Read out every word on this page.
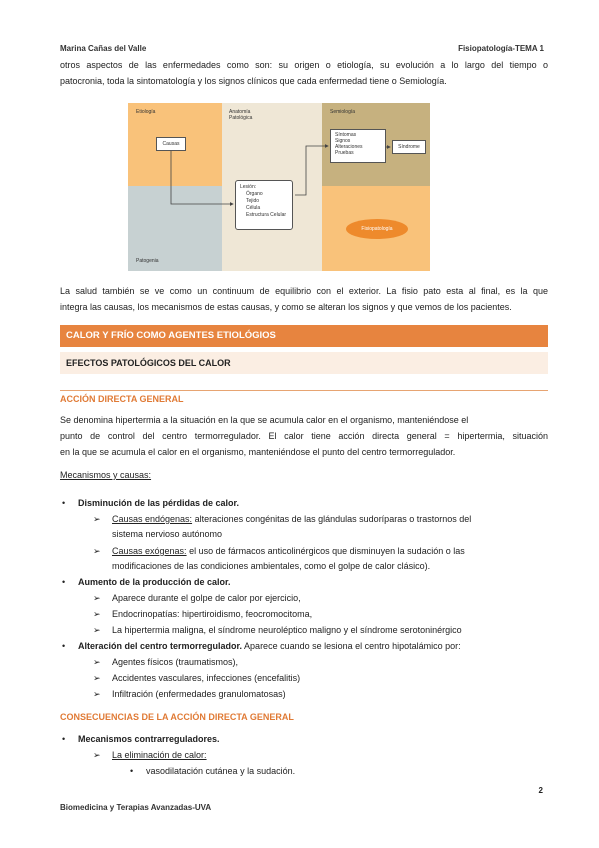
Marina Cañas del Valle	Fisiopatología-TEMA 1
otros aspectos de las enfermedades como son: su origen o etiología, su evolución a lo largo del tiempo o
patocronia, toda la sintomatología y los signos clínicos que cada enfermedad tiene o Semiología.
Etiología	Anatomía Patológica
Semiología
Patogenia
Causas
Síntomas
Signos
Alteraciones
Pruebas
Síndrome
Lesión:
Órgano
Tejido
Célula
Estructura Celular
Fisiopatología
La salud también se ve como un continuum de equilibrio con el exterior. La fisio pato esta al final, es la que
integra las causas, los mecanismos de estas causas, y como se alteran los signos y que vemos de los pacientes.
CALOR Y FRÍO COMO AGENTES ETIOLÓGIOS
EFECTOS PATOLÓGICOS DEL CALOR
ACCIÓN DIRECTA GENERAL
Se denomina hipertermia a la situación en la que se acumula calor en el organismo, manteniéndose el
punto de control del centro termorregulador. El calor tiene acción directa general = hipertermia, situación
en la que se acumula el calor en el organismo, manteniéndose el punto del centro termorregulador.
Mecanismos y causas:
• Disminución de las pérdidas de calor.
➢ Causas endógenas: alteraciones congénitas de las glándulas sudoríparas o trastornos del
sistema nervioso autónomo
➢ Causas exógenas: el uso de fármacos anticolinérgicos que disminuyen la sudación o las
modificaciones de las condiciones ambientales, como el golpe de calor clásico).
• Aumento de la producción de calor.
➢ Aparece durante el golpe de calor por ejercicio,
➢ Endocrinopatías: hipertiroidismo, feocromocitoma,
➢ La hipertermia maligna, el síndrome neuroléptico maligno y el síndrome serotoninérgico
• Alteración del centro termorregulador. Aparece cuando se lesiona el centro hipotalámico por:
➢ Agentes físicos (traumatismos),
➢ Accidentes vasculares, infecciones (encefalitis)
➢ Infiltración (enfermedades granulomatosas)
CONSECUENCIAS DE LA ACCIÓN DIRECTA GENERAL
• Mecanismos contrarreguladores.
➢ La eliminación de calor:
• vasodilatación cutánea y la sudación.
2
Biomedicina y Terapias Avanzadas-UVA
